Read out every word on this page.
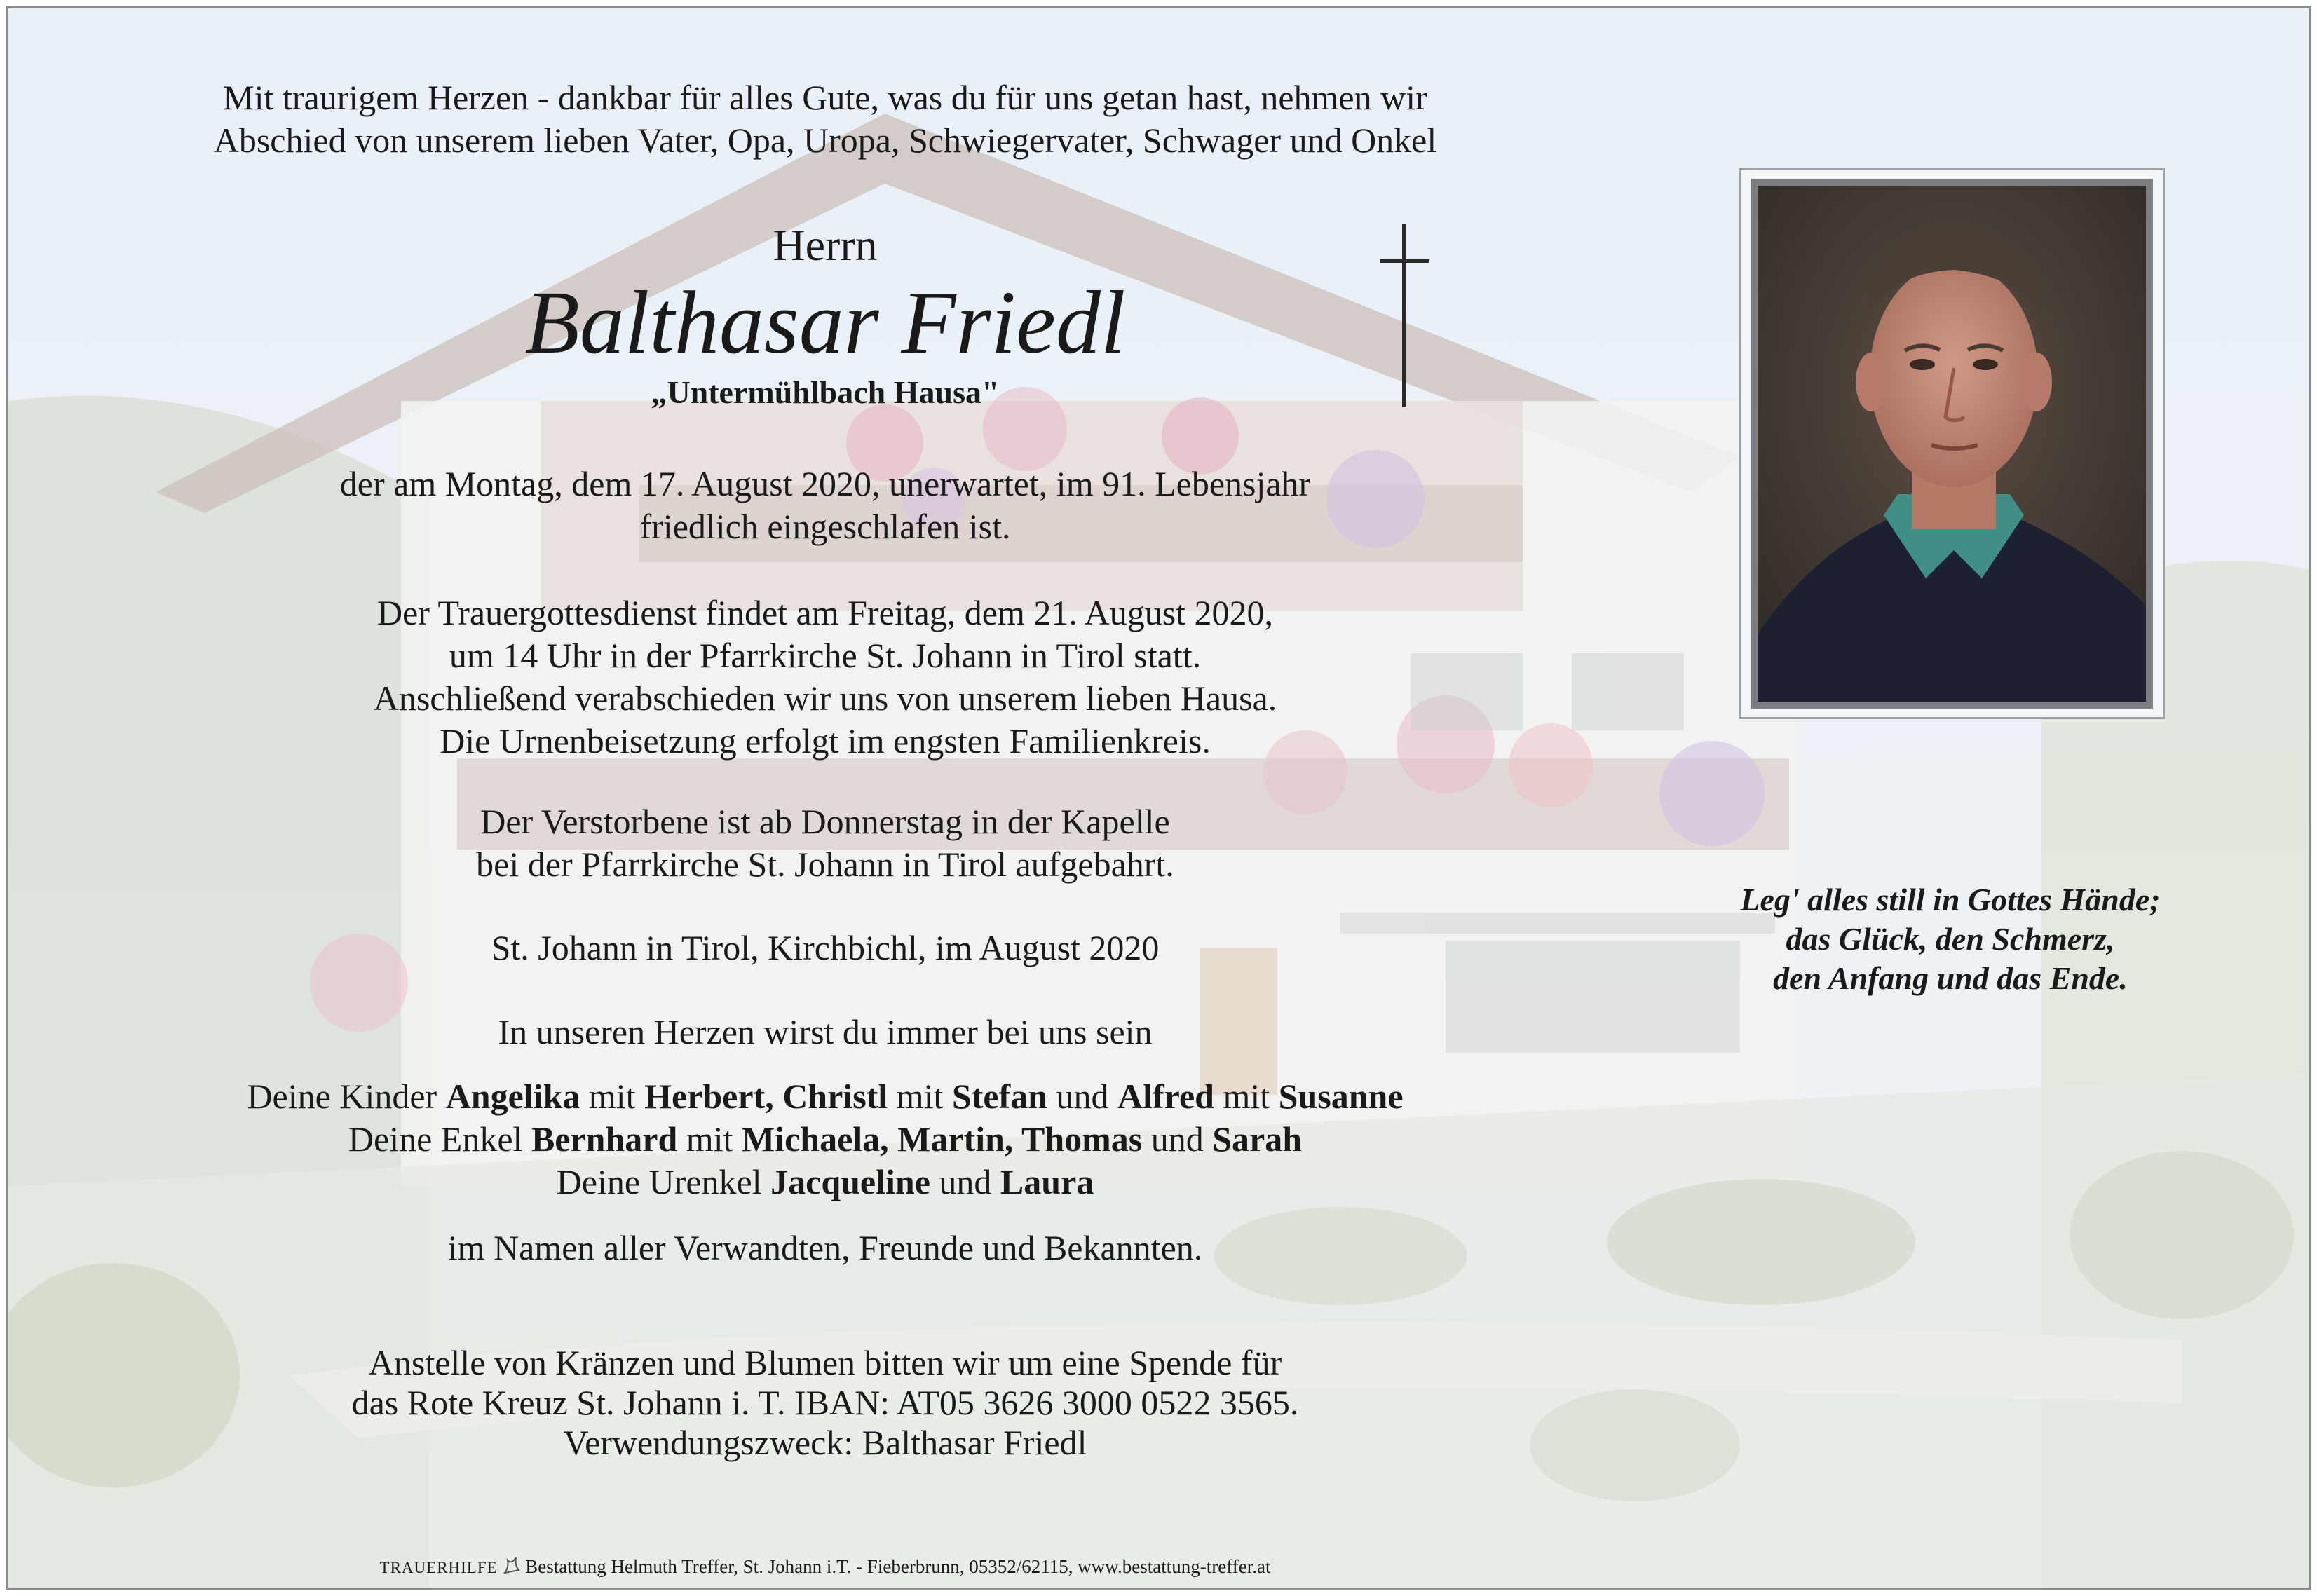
Mit traurigem Herzen - dankbar für alles Gute, was du für uns getan hast, nehmen wir

Abschied von unserem lieben Vater, Opa, Uropa, Schwiegervater, Schwager und Onkel

Herrn

Balthasar Friedl

„Untermühlbach Hausa"

der am Montag, dem 17. August 2020, unerwartet, im 91. Lebensjahr

friedlich eingeschlafen ist.

Der Trauergottesdienst findet am Freitag, dem 21. August 2020,

um 14 Uhr in der Pfarrkirche St. Johann in Tirol statt.

Anschließend verabschieden wir uns von unserem lieben Hausa.

Die Urnenbeisetzung erfolgt im engsten Familienkreis.

Der Verstorbene ist ab Donnerstag in der Kapelle

bei der Pfarrkirche St. Johann in Tirol aufgebahrt.

St. Johann in Tirol, Kirchbichl, im August 2020

In unseren Herzen wirst du immer bei uns sein

Deine Kinder Angelika mit Herbert, Christl mit Stefan und Alfred mit Susanne

Deine Enkel Bernhard mit Michaela, Martin, Thomas und Sarah

Deine Urenkel Jacqueline und Laura

im Namen aller Verwandten, Freunde und Bekannten.

Anstelle von Kränzen und Blumen bitten wir um eine Spende für

das Rote Kreuz St. Johann i. T. IBAN: AT05 3626 3000 0522 3565.

Verwendungszweck: Balthasar Friedl

TRAUERHILFE Bestattung Helmuth Treffer, St. Johann i.T. - Fieberbrunn, 05352/62115, www.bestattung-treffer.at

Leg' alles still in Gottes Hände;

das Glück, den Schmerz,

den Anfang und das Ende.
